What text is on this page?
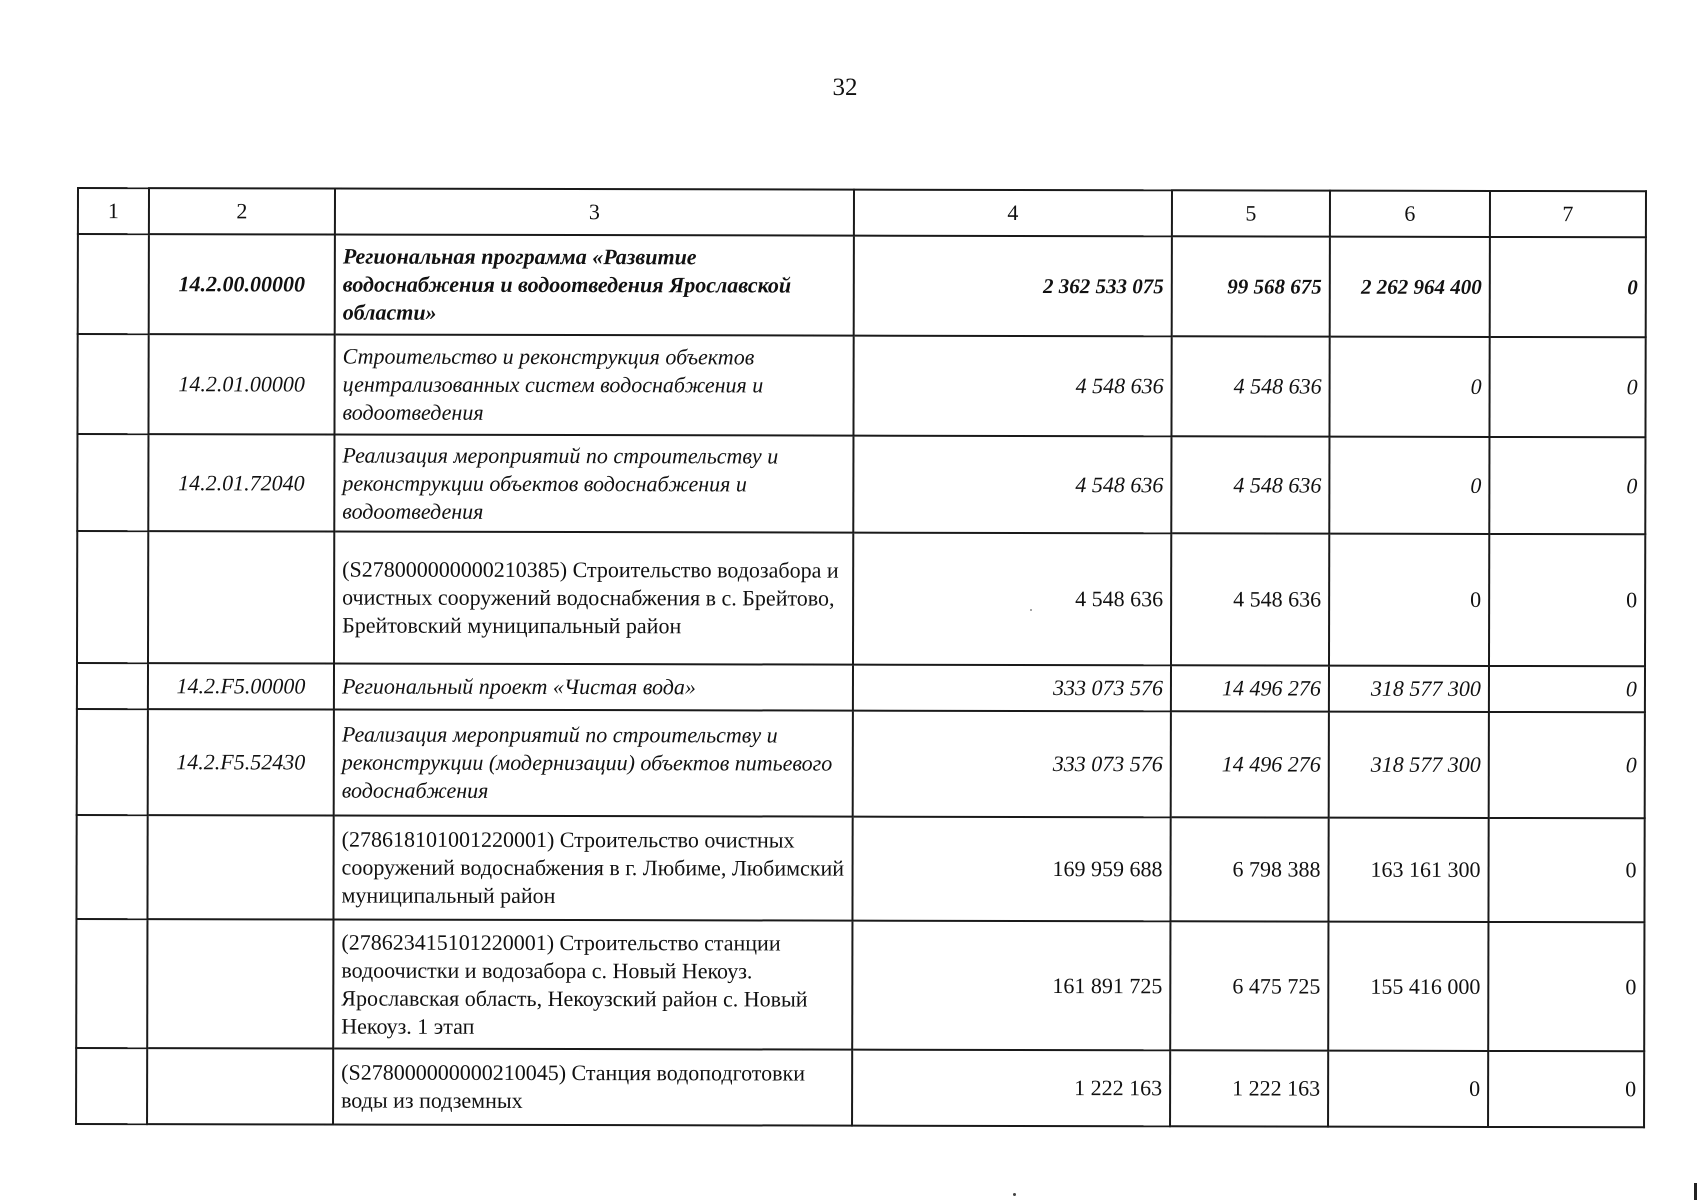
32
1	2	3	4	5	6	7
	14.2.00.00000	Региональная программа «Развитие водоснабжения и водоотведения Ярославской области»	2 362 533 075	99 568 675	2 262 964 400	0
	14.2.01.00000	Строительство и реконструкция объектов централизованных систем водоснабжения и водоотведения	4 548 636	4 548 636	0	0
	14.2.01.72040	Реализация мероприятий по строительству и реконструкции объектов водоснабжения и водоотведения	4 548 636	4 548 636	0	0
		(S278000000000210385) Строительство водозабора и очистных сооружений водоснабжения в с. Брейтово, Брейтовский муниципальный район	4 548 636	4 548 636	0	0
	14.2.F5.00000	Региональный проект «Чистая вода»	333 073 576	14 496 276	318 577 300	0
	14.2.F5.52430	Реализация мероприятий по строительству и реконструкции (модернизации) объектов питьевого водоснабжения	333 073 576	14 496 276	318 577 300	0
		(278618101001220001) Строительство очистных сооружений водоснабжения в г. Любиме, Любимский муниципальный район	169 959 688	6 798 388	163 161 300	0
		(278623415101220001) Строительство станции водоочистки и водозабора с. Новый Некоуз. Ярославская область, Некоузский район с. Новый Некоуз. 1 этап	161 891 725	6 475 725	155 416 000	0
		(S278000000000210045) Станция водоподготовки воды из подземных	1 222 163	1 222 163	0	0
